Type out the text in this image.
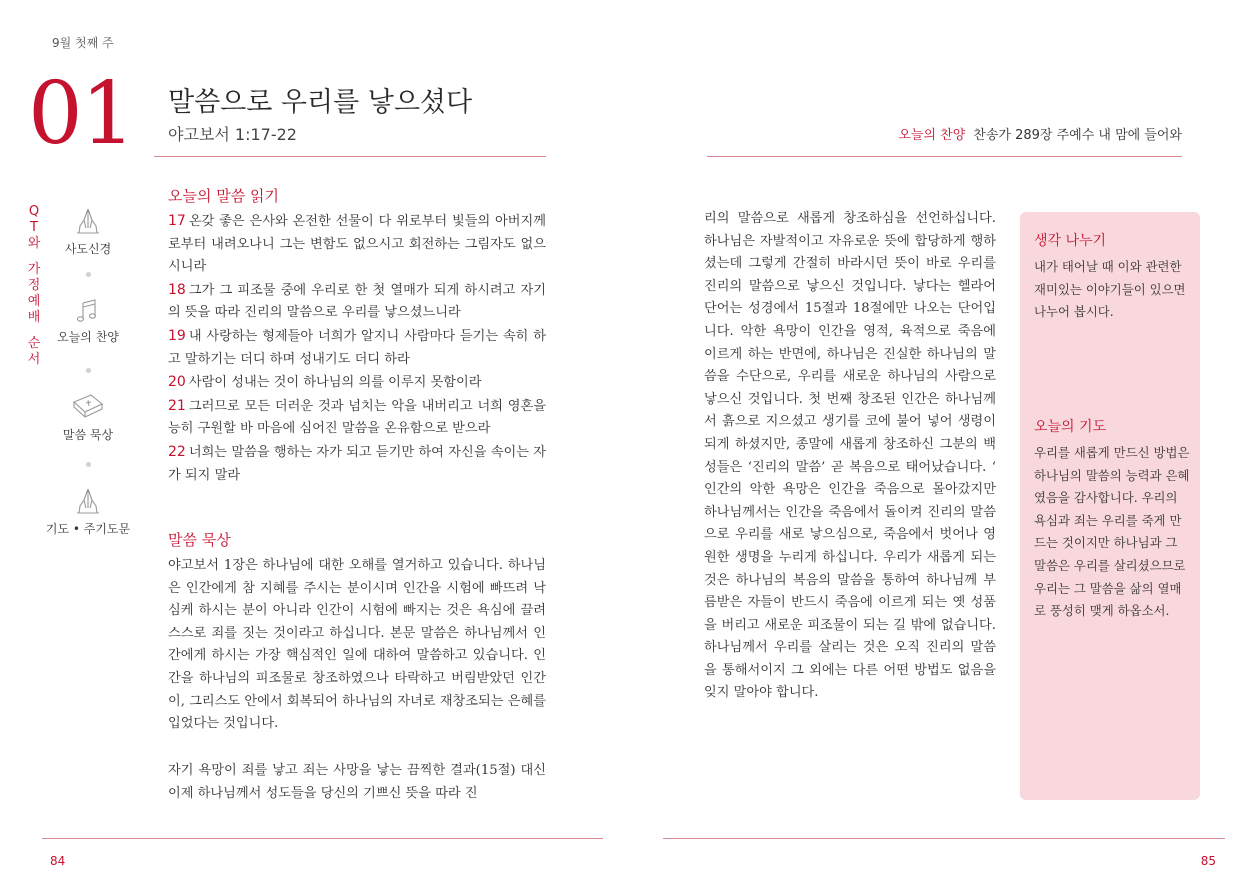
9월 첫째 주
01 말씀으로 우리를 낳으셨다
야고보서 1:17-22	오늘의 찬양 찬송가 289장 주예수 내 맘에 들어와
Q
T
와
가
정
예
배
순
서
사도신경
오늘의 찬양
말씀 묵상
기도 • 주기도문
오늘의 말씀 읽기

17 온갖 좋은 은사와 온전한 선물이 다 위로부터 빛들의 아버지께로부터 내려오나니 그는 변함도 없으시고 회전하는 그림자도 없으시니라

18 그가 그 피조물 중에 우리로 한 첫 열매가 되게 하시려고 자기의 뜻을 따라 진리의 말씀으로 우리를 낳으셨느니라

19 내 사랑하는 형제들아 너희가 알지니 사람마다 듣기는 속히 하고 말하기는 더디 하며 성내기도 더디 하라

20 사람이 성내는 것이 하나님의 의를 이루지 못함이라

21 그러므로 모든 더러운 것과 넘치는 악을 내버리고 너희 영혼을 능히 구원할 바 마음에 심어진 말씀을 온유함으로 받으라

22 너희는 말씀을 행하는 자가 되고 듣기만 하여 자신을 속이는 자가 되지 말라

말씀 묵상
야고보서 1장은 하나님에 대한 오해를 열거하고 있습니다. 하나님은 인간에게 참 지혜를 주시는 분이시며 인간을 시험에 빠뜨려 낙심케 하시는 분이 아니라 인간이 시험에 빠지는 것은 욕심에 끌려 스스로 죄를 짓는 것이라고 하십니다. 본문 말씀은 하나님께서 인간에게 하시는 가장 핵심적인 일에 대하여 말씀하고 있습니다. 인간을 하나님의 피조물로 창조하였으나 타락하고 버림받았던 인간이, 그리스도 안에서 회복되어 하나님의 자녀로 재창조되는 은혜를 입었다는 것입니다.
자기 욕망이 죄를 낳고 죄는 사망을 낳는 끔찍한 결과(15절) 대신 이제 하나님께서 성도들을 당신의 기쁘신 뜻을 따라 진
리의 말씀으로 새롭게 창조하심을 선언하십니다. 하나님은 자발적이고 자유로운 뜻에 합당하게 행하셨는데 그렇게 간절히 바라시던 뜻이 바로 우리를 진리의 말씀으로 낳으신 것입니다. 낳다는 헬라어 단어는 성경에서 15절과 18절에만 나오는 단어입니다. 악한 욕망이 인간을 영적, 육적으로 죽음에 이르게 하는 반면에, 하나님은 진실한 하나님의 말씀을 수단으로, 우리를 새로운 하나님의 사람으로 낳으신 것입니다. 첫 번째 창조된 인간은 하나님께서 흙으로 지으셨고 생기를 코에 불어 넣어 생령이 되게 하셨지만, 종말에 새롭게 창조하신 그분의 백성들은 ‘진리의 말씀’ 곧 복음으로 태어났습니다. ‘ 인간의 악한 욕망은 인간을 죽음으로 몰아갔지만 하나님께서는 인간을 죽음에서 돌이켜 진리의 말씀으로 우리를 새로 낳으심으로, 죽음에서 벗어나 영원한 생명을 누리게 하십니다. 우리가 새롭게 되는 것은 하나님의 복음의 말씀을 통하여 하나님께 부름받은 자들이 반드시 죽음에 이르게 되는 옛 성품을 버리고 새로운 피조물이 되는 길 밖에 없습니다. 하나님께서 우리를 살리는 것은 오직 진리의 말씀을 통해서이지 그 외에는 다른 어떤 방법도 없음을 잊지 말아야 합니다.
생각 나누기
내가 태어날 때 이와 관련한 재미있는 이야기들이 있으면 나누어 봅시다.
오늘의 기도
우리를 새롭게 만드신 방법은 하나님의 말씀의 능력과 은혜였음을 감사합니다. 우리의 욕심과 죄는 우리를 죽게 만드는 것이지만 하나님과 그 말씀은 우리를 살리셨으므로 우리는 그 말씀을 삶의 열매로 풍성히 맺게 하옵소서.
84	85
